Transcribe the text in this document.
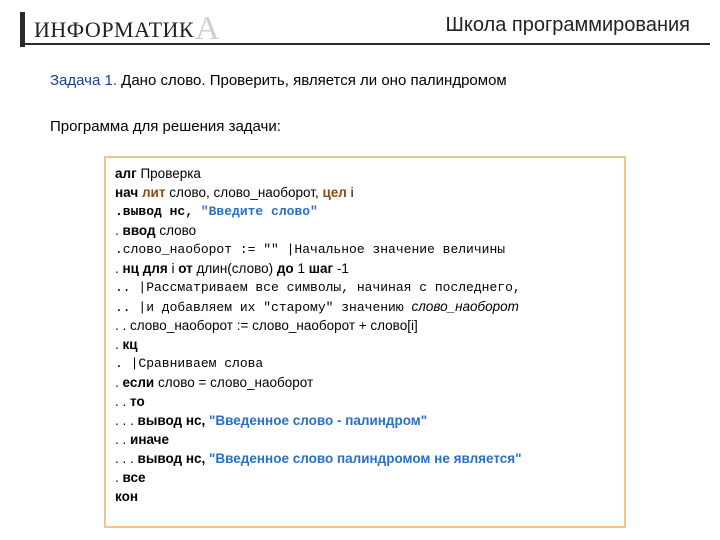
ИНФОРМАТИКА	Школа программирования
Задача 1. Дано слово. Проверить, является ли оно палиндромом
Программа для решения задачи:
алг Проверка
нач лит слово, слово_наоборот, цел i
.вывод нс, "Введите слово"
. ввод слово
.слово_наоборот := "" |Начальное значение величины
. нц для i от длин(слово) до 1 шаг -1
.. |Рассматриваем все символы, начиная с последнего,
.. |и добавляем их "старому" значению слово_наоборот
. . слово_наоборот := слово_наоборот + слово[i]
. кц
. |Сравниваем слова
. если слово = слово_наоборот
. . то
. . . вывод нс, "Введенное слово - палиндром"
. . иначе
. . . вывод нс, "Введенное слово палиндромом не является"
. все
кон
